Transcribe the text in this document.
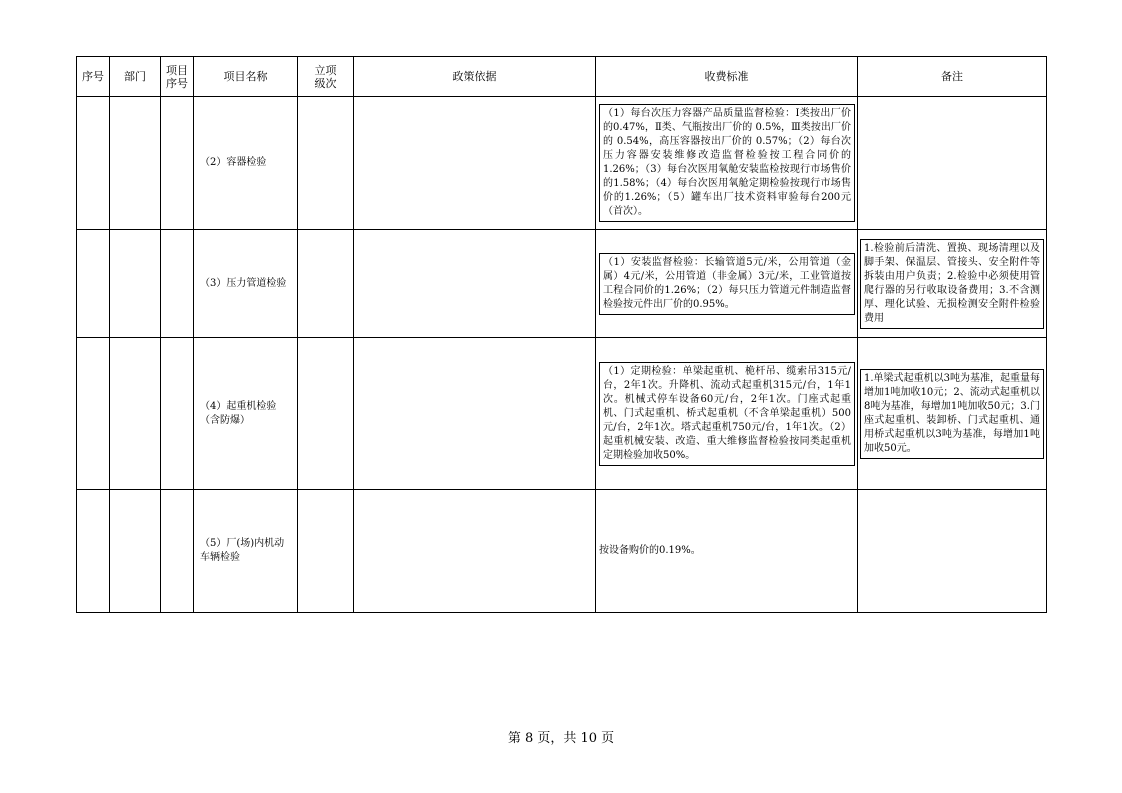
序号	部门	项目序号	项目名称	立项级次	政策依据	收费标准	备注
			（2）容器检验			（1）每台次压力容器产品质量监督检验：I类按出厂价的0.47%，Ⅱ类、气瓶按出厂价的 0.5%，Ⅲ类按出厂价的 0.54%，高压容器按出厂价的 0.57%；（2）每台次压力容器安装维修改造监督检验按工程合同价的1.26%；（3）每台次医用氧舱安装监检按现行市场售价的1.58%；（4）每台次医用氧舱定期检验按现行市场售价的1.26%；（5）罐车出厂技术资料审验每台200元（首次）。	

			（3）压力管道检验			（1）安装监督检验：长输管道5元/米，公用管道（金属）4元/米，公用管道（非金属）3元/米，工业管道按工程合同价的1.26%；（2）每只压力管道元件制造监督检验按元件出厂价的0.95%。	1.检验前后清洗、置换、现场清理以及脚手架、保温层、管接头、安全附件等拆装由用户负责；2.检验中必须使用管爬行器的另行收取设备费用；3.不含测厚、理化试验、无损检测安全附件检验费用

			（4）起重机检验（含防爆）			（1）定期检验：单梁起重机、桅杆吊、缆索吊315元/台，2年1次。升降机、流动式起重机315元/台，1年1次。机械式停车设备60元/台，2年1次。门座式起重机、门式起重机、桥式起重机（不含单梁起重机）500元/台，2年1次。塔式起重机750元/台，1年1次。（2）起重机械安装、改造、重大维修监督检验按同类起重机定期检验加收50%。	1.单梁式起重机以3吨为基准，起重量每增加1吨加收10元；2、流动式起重机以8吨为基准，每增加1吨加收50元；3.门座式起重机、装卸桥、门式起重机、通用桥式起重机以3吨为基准，每增加1吨加收50元。

			（5）厂(场)内机动车辆检验			按设备购价的0.19%。	
第 8 页，共 10 页
